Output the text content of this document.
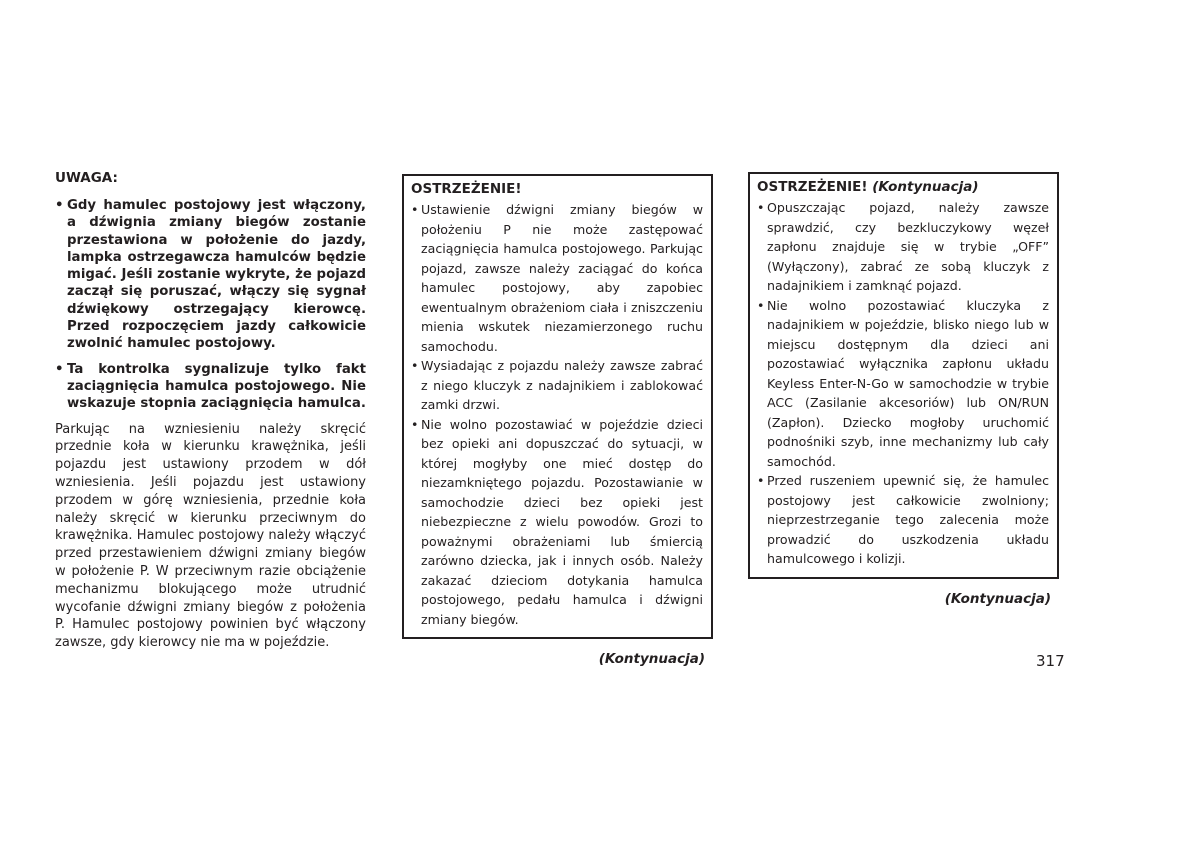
UWAGA:
• Gdy hamulec postojowy jest włączony, a dźwignia zmiany biegów zostanie przestawiona w położenie do jazdy, lampka ostrzegawcza hamulców będzie migać. Jeśli zostanie wykryte, że pojazd zaczął się poruszać, włączy się sygnał dźwiękowy ostrzegający kierowcę. Przed rozpoczęciem jazdy całkowicie zwolnić hamulec postojowy.
• Ta kontrolka sygnalizuje tylko fakt zaciągnięcia hamulca postojowego. Nie wskazuje stopnia zaciągnięcia hamulca.

Parkując na wzniesieniu należy skręcić przednie koła w kierunku krawężnika, jeśli pojazdu jest ustawiony przodem w dół wzniesienia. Jeśli pojazdu jest ustawiony przodem w górę wzniesienia, przednie koła należy skręcić w kierunku przeciwnym do krawężnika. Hamulec postojowy należy włączyć przed przestawieniem dźwigni zmiany biegów w położenie P. W przeciwnym razie obciążenie mechanizmu blokującego może utrudnić wycofanie dźwigni zmiany biegów z położenia P. Hamulec postojowy powinien być włączony zawsze, gdy kierowcy nie ma w pojeździe.

OSTRZEŻENIE!
• Ustawienie dźwigni zmiany biegów w położeniu P nie może zastępować zaciągnięcia hamulca postojowego. Parkując pojazd, zawsze należy zaciągać do końca hamulec postojowy, aby zapobiec ewentualnym obrażeniom ciała i zniszczeniu mienia wskutek niezamierzonego ruchu samochodu.
• Wysiadając z pojazdu należy zawsze zabrać z niego kluczyk z nadajnikiem i zablokować zamki drzwi.
• Nie wolno pozostawiać w pojeździe dzieci bez opieki ani dopuszczać do sytuacji, w której mogłyby one mieć dostęp do niezamkniętego pojazdu. Pozostawianie w samochodzie dzieci bez opieki jest niebezpieczne z wielu powodów. Grozi to poważnymi obrażeniami lub śmiercią zarówno dziecka, jak i innych osób. Należy zakazać dzieciom dotykania hamulca postojowego, pedału hamulca i dźwigni zmiany biegów.
(Kontynuacja)
OSTRZEŻENIE! (Kontynuacja)
• Opuszczając pojazd, należy zawsze sprawdzić, czy bezkluczykowy węzeł zapłonu znajduje się w trybie „OFF” (Wyłączony), zabrać ze sobą kluczyk z nadajnikiem i zamknąć pojazd.
• Nie wolno pozostawiać kluczyka z nadajnikiem w pojeździe, blisko niego lub w miejscu dostępnym dla dzieci ani pozostawiać wyłącznika zapłonu układu Keyless Enter-N-Go w samochodzie w trybie ACC (Zasilanie akcesoriów) lub ON/RUN (Zapłon). Dziecko mogłoby uruchomić podnośniki szyb, inne mechanizmy lub cały samochód.
• Przed ruszeniem upewnić się, że hamulec postojowy jest całkowicie zwolniony; nieprzestrzeganie tego zalecenia może prowadzić do uszkodzenia układu hamulcowego i kolizji.
(Kontynuacja)
317
